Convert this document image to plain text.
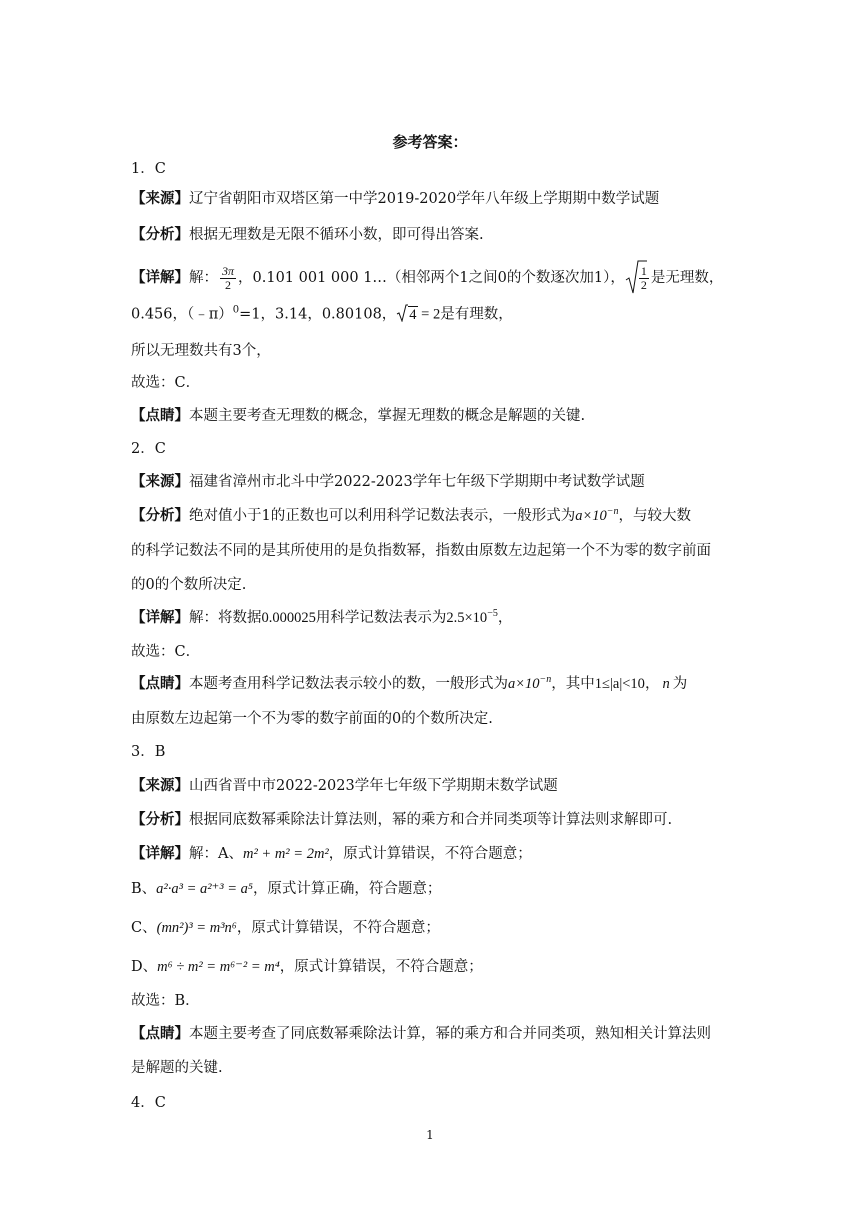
参考答案：
1．C
【来源】辽宁省朝阳市双塔区第一中学2019-2020学年八年级上学期期中数学试题
【分析】根据无理数是无限不循环小数，即可得出答案.
【详解】解： $\frac{3\pi}{2}$ ，0.101 001 000 1…（相邻两个1之间0的个数逐次加1）， $\frac{1}{2}$ 是无理数，
0.456，（﹣π）$^0$=1，3.14，0.80108， 4 = 2是有理数，
所以无理数共有3个，
故选：C．
【点睛】本题主要考查无理数的概念，掌握无理数的概念是解题的关键.
2．C
【来源】福建省漳州市北斗中学2022-2023学年七年级下学期期中考试数学试题
【分析】绝对值小于1的正数也可以利用科学记数法表示，一般形式为$a\times 10^{-n}$，与较大数
的科学记数法不同的是其所使用的是负指数幂，指数由原数左边起第一个不为零的数字前面
的0的个数所决定.
【详解】解：将数据0.000025用科学记数法表示为$2.5\times 10^{-5}$，
故选：C．
【点睛】本题考查用科学记数法表示较小的数，一般形式为$a\times 10^{-n}$，其中1≤|a|<10， n 为
由原数左边起第一个不为零的数字前面的0的个数所决定.
3．B
【来源】山西省晋中市2022-2023学年七年级下学期期末数学试题
【分析】根据同底数幂乘除法计算法则，幂的乘方和合并同类项等计算法则求解即可.
【详解】解：A、m² + m² = 2m²，原式计算错误，不符合题意；
B、a²·a³ = a²⁺³ = a⁵，原式计算正确，符合题意；
C、(mn²)³ = m³n⁶，原式计算错误，不符合题意；
D、m⁶ ÷ m² = m⁶⁻² = m⁴，原式计算错误，不符合题意；
故选：B．
【点睛】本题主要考查了同底数幂乘除法计算，幂的乘方和合并同类项，熟知相关计算法则
是解题的关键.
4．C
1
